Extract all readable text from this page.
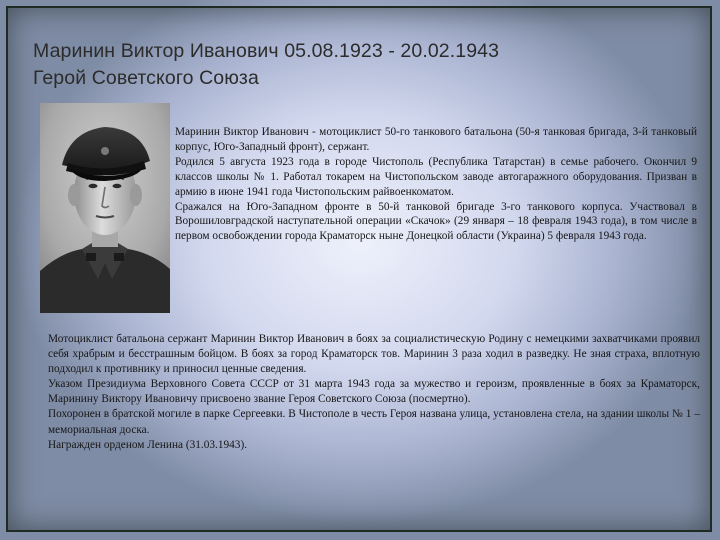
Маринин Виктор Иванович 05.08.1923 - 20.02.1943
Герой Советского Союза

Маринин Виктор Иванович - мотоциклист 50-го танкового батальона (50-я танковая бригада, 3-й танковый корпус, Юго-Западный фронт), сержант.

Родился 5 августа 1923 года в городе Чистополь (Республика Татарстан) в семье рабочего. Окончил 9 классов школы № 1. Работал токарем на Чистопольском заводе автогаражного оборудования. Призван в армию в июне 1941 года Чистопольским райвоенкоматом.

Сражался на Юго-Западном фронте в 50-й танковой бригаде 3-го танкового корпуса. Участвовал в Ворошиловградской наступательной операции «Скачок» (29 января – 18 февраля 1943 года), в том числе в первом освобождении города Краматорск ныне Донецкой области (Украина) 5 февраля 1943 года.

Мотоциклист батальона сержант Маринин Виктор Иванович в боях за социалистическую Родину с немецкими захватчиками проявил себя храбрым и бесстрашным бойцом. В боях за город Краматорск тов. Маринин 3 раза ходил в разведку. Не зная страха, вплотную подходил к противнику и приносил ценные сведения.

Указом Президиума Верховного Совета СССР от 31 марта 1943 года за мужество и героизм, проявленные в боях за Краматорск, Маринину Виктору Ивановичу присвоено звание Героя Советского Союза (посмертно).

Похоронен в братской могиле в парке Сергеевки. В Чистополе в честь Героя названа улица, установлена стела, на здании школы № 1 – мемориальная доска.

Награжден орденом Ленина (31.03.1943).
